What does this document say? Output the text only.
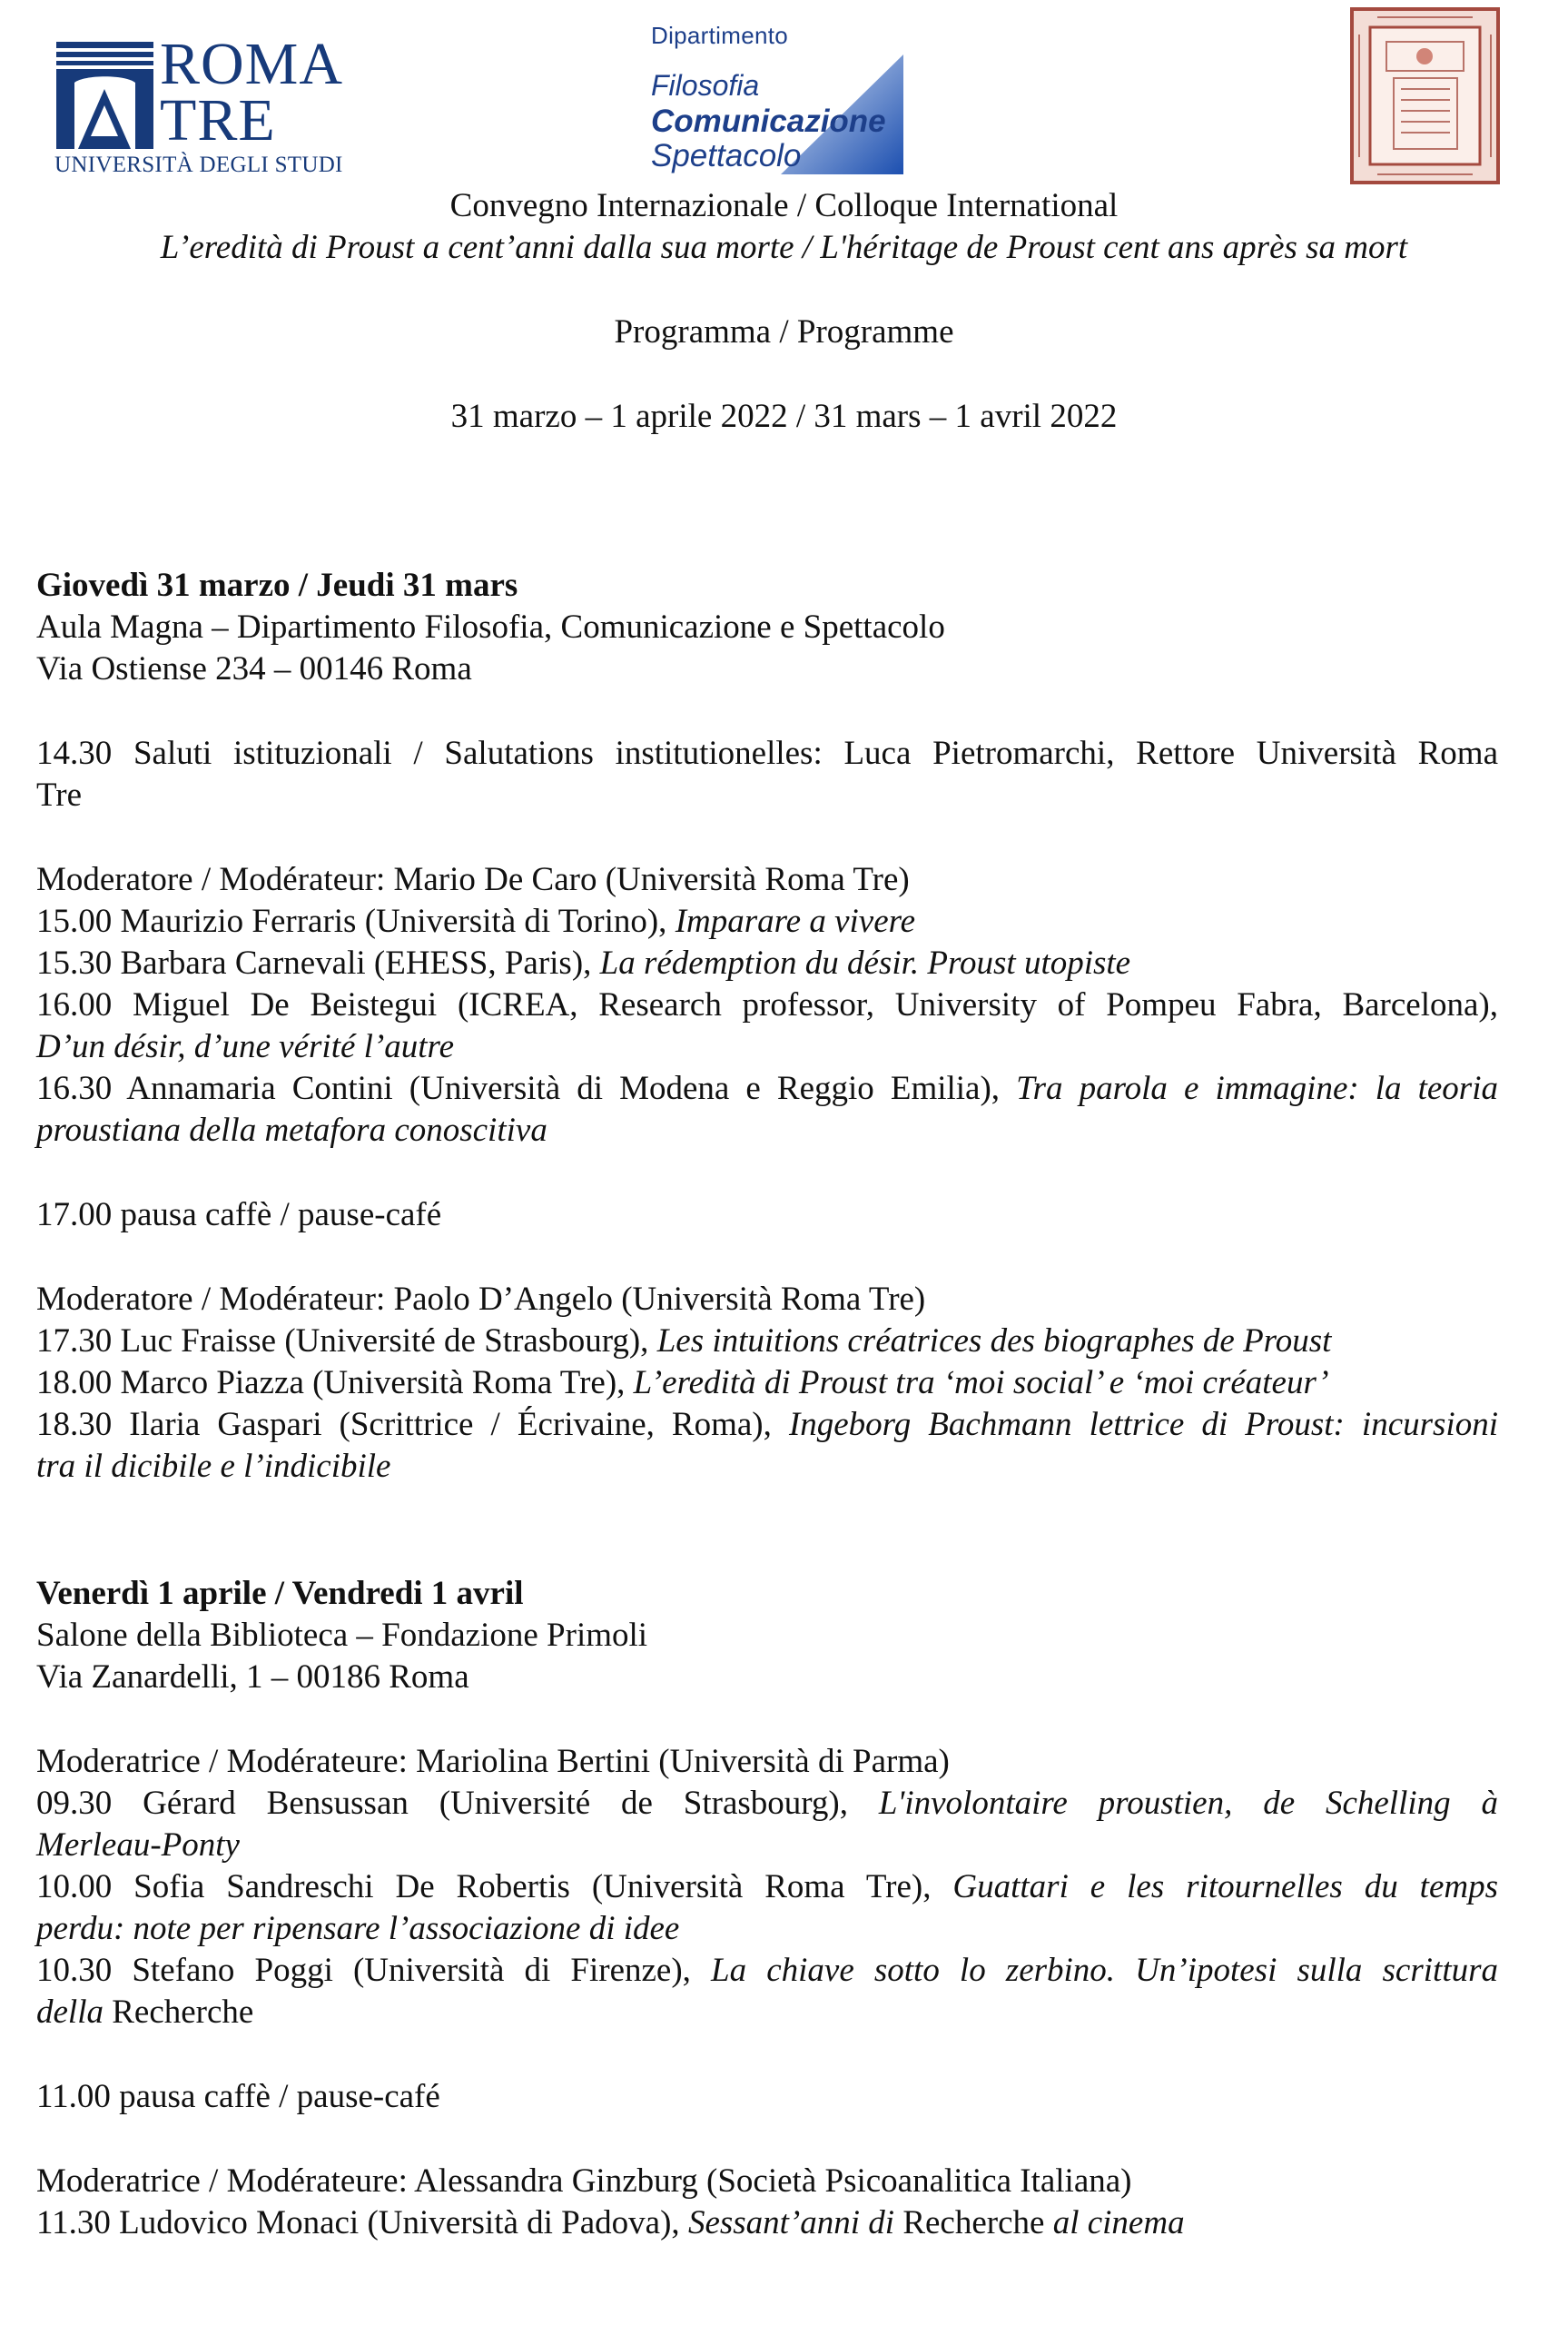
ROMA
TRE
UNIVERSITÀ DEGLI STUDI
Dipartimento
Filosofia
Comunicazione
Spettacolo
Convegno Internazionale / Colloque International
L’eredità di Proust a cent’anni dalla sua morte / L'héritage de Proust cent ans après sa mort
Programma / Programme
31 marzo – 1 aprile 2022 / 31 mars – 1 avril 2022
Giovedì 31 marzo / Jeudi 31 mars
Aula Magna – Dipartimento Filosofia, Comunicazione e Spettacolo
Via Ostiense 234 – 00146 Roma
14.30 Saluti istituzionali / Salutations institutionelles: Luca Pietromarchi, Rettore Università Roma
Tre
Moderatore / Modérateur: Mario De Caro (Università Roma Tre)
15.00 Maurizio Ferraris (Università di Torino), Imparare a vivere
15.30 Barbara Carnevali (EHESS, Paris), La rédemption du désir. Proust utopiste
16.00 Miguel De Beistegui (ICREA, Research professor, University of Pompeu Fabra, Barcelona),
D’un désir, d’une vérité l’autre
16.30 Annamaria Contini (Università di Modena e Reggio Emilia), Tra parola e immagine: la teoria
proustiana della metafora conoscitiva
17.00 pausa caffè / pause-café
Moderatore / Modérateur: Paolo D’Angelo (Università Roma Tre)
17.30 Luc Fraisse (Université de Strasbourg), Les intuitions créatrices des biographes de Proust
18.00 Marco Piazza (Università Roma Tre), L’eredità di Proust tra ‘moi social’ e ‘moi créateur’
18.30 Ilaria Gaspari (Scrittrice / Écrivaine, Roma), Ingeborg Bachmann lettrice di Proust: incursioni
tra il dicibile e l’indicibile
Venerdì 1 aprile / Vendredi 1 avril
Salone della Biblioteca – Fondazione Primoli
Via Zanardelli, 1 – 00186 Roma
Moderatrice / Modérateure: Mariolina Bertini (Università di Parma)
09.30 Gérard Bensussan (Université de Strasbourg), L'involontaire proustien, de Schelling à
Merleau-Ponty
10.00 Sofia Sandreschi De Robertis (Università Roma Tre), Guattari e les ritournelles du temps
perdu: note per ripensare l’associazione di idee
10.30 Stefano Poggi (Università di Firenze), La chiave sotto lo zerbino. Un’ipotesi sulla scrittura
della Recherche
11.00 pausa caffè / pause-café
Moderatrice / Modérateure: Alessandra Ginzburg (Società Psicoanalitica Italiana)
11.30 Ludovico Monaci (Università di Padova), Sessant’anni di Recherche al cinema
